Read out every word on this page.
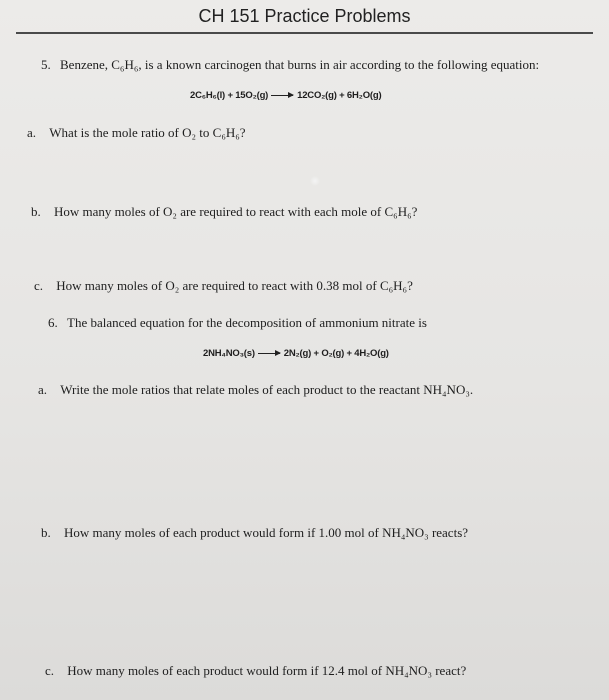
CH 151 Practice Problems
5. Benzene, C₆H₆, is a known carcinogen that burns in air according to the following equation:
2C₆H₆(l) + 15O₂(g) → 12CO₂(g) + 6H₂O(g)
a. What is the mole ratio of O₂ to C₆H₆?
b. How many moles of O₂ are required to react with each mole of C₆H₆?
c. How many moles of O₂ are required to react with 0.38 mol of C₆H₆?
6. The balanced equation for the decomposition of ammonium nitrate is
2NH₄NO₃(s) → 2N₂(g) + O₂(g) + 4H₂O(g)
a. Write the mole ratios that relate moles of each product to the reactant NH₄NO₃.
b. How many moles of each product would form if 1.00 mol of NH₄NO₃ reacts?
c. How many moles of each product would form if 12.4 mol of NH₄NO₃ react?
